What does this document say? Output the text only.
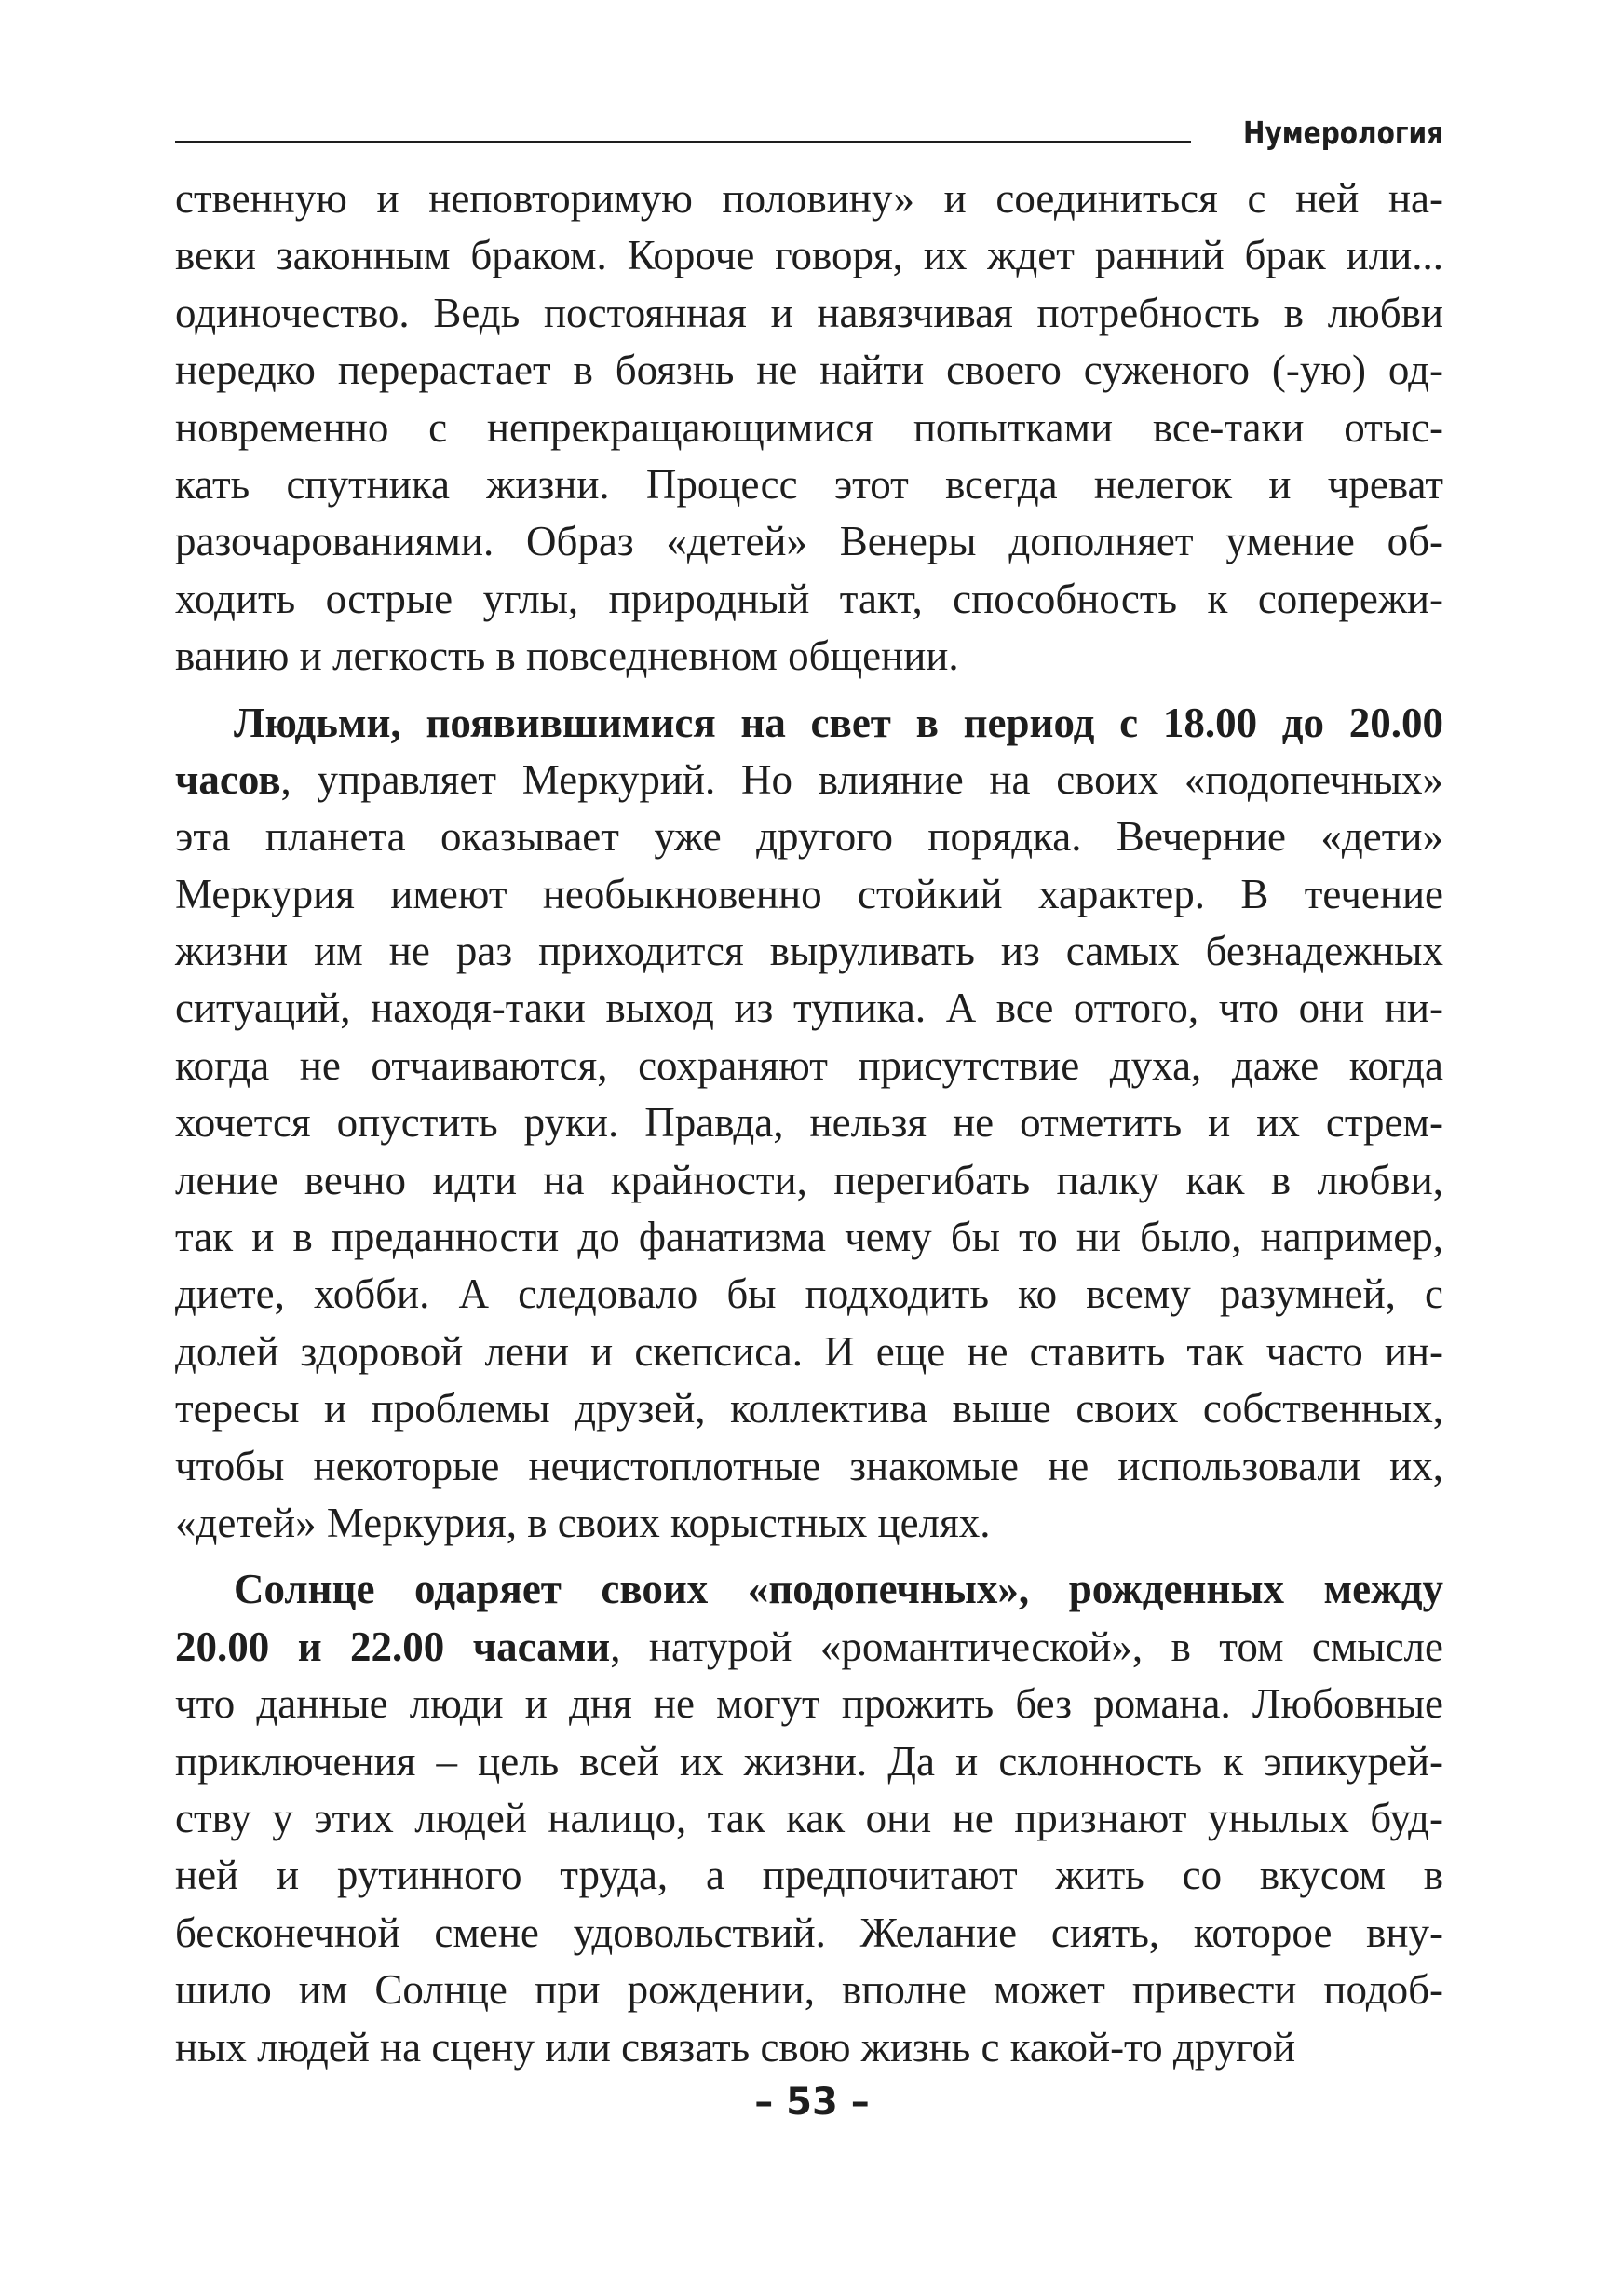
Нумерология
ственную и неповторимую половину» и соединиться с ней на-
веки законным браком. Короче говоря, их ждет ранний брак или...
одиночество. Ведь постоянная и навязчивая потребность в любви
нередко перерастает в боязнь не найти своего суженого (-ую) од-
новременно с непрекращающимися попытками все-таки отыс-
кать спутника жизни. Процесс этот всегда нелегок и чреват
разочарованиями. Образ «детей» Венеры дополняет умение об-
ходить острые углы, природный такт, способность к сопережи-
ванию и легкость в повседневном общении.
Людьми, появившимися на свет в период с 18.00 до 20.00
часов, управляет Меркурий. Но влияние на своих «подопечных»
эта планета оказывает уже другого порядка. Вечерние «дети»
Меркурия имеют необыкновенно стойкий характер. В течение
жизни им не раз приходится выруливать из самых безнадежных
ситуаций, находя-таки выход из тупика. А все оттого, что они ни-
когда не отчаиваются, сохраняют присутствие духа, даже когда
хочется опустить руки. Правда, нельзя не отметить и их стрем-
ление вечно идти на крайности, перегибать палку как в любви,
так и в преданности до фанатизма чему бы то ни было, например,
диете, хобби. А следовало бы подходить ко всему разумней, с
долей здоровой лени и скепсиса. И еще не ставить так часто ин-
тересы и проблемы друзей, коллектива выше своих собственных,
чтобы некоторые нечистоплотные знакомые не использовали их,
«детей» Меркурия, в своих корыстных целях.
Солнце одаряет своих «подопечных», рожденных между
20.00 и 22.00 часами, натурой «романтической», в том смысле
что данные люди и дня не могут прожить без романа. Любовные
приключения – цель всей их жизни. Да и склонность к эпикурей-
ству у этих людей налицо, так как они не признают унылых буд-
ней и рутинного труда, а предпочитают жить со вкусом в
бесконечной смене удовольствий. Желание сиять, которое вну-
шило им Солнце при рождении, вполне может привести подоб-
ных людей на сцену или связать свою жизнь с какой-то другой
– 53 –
